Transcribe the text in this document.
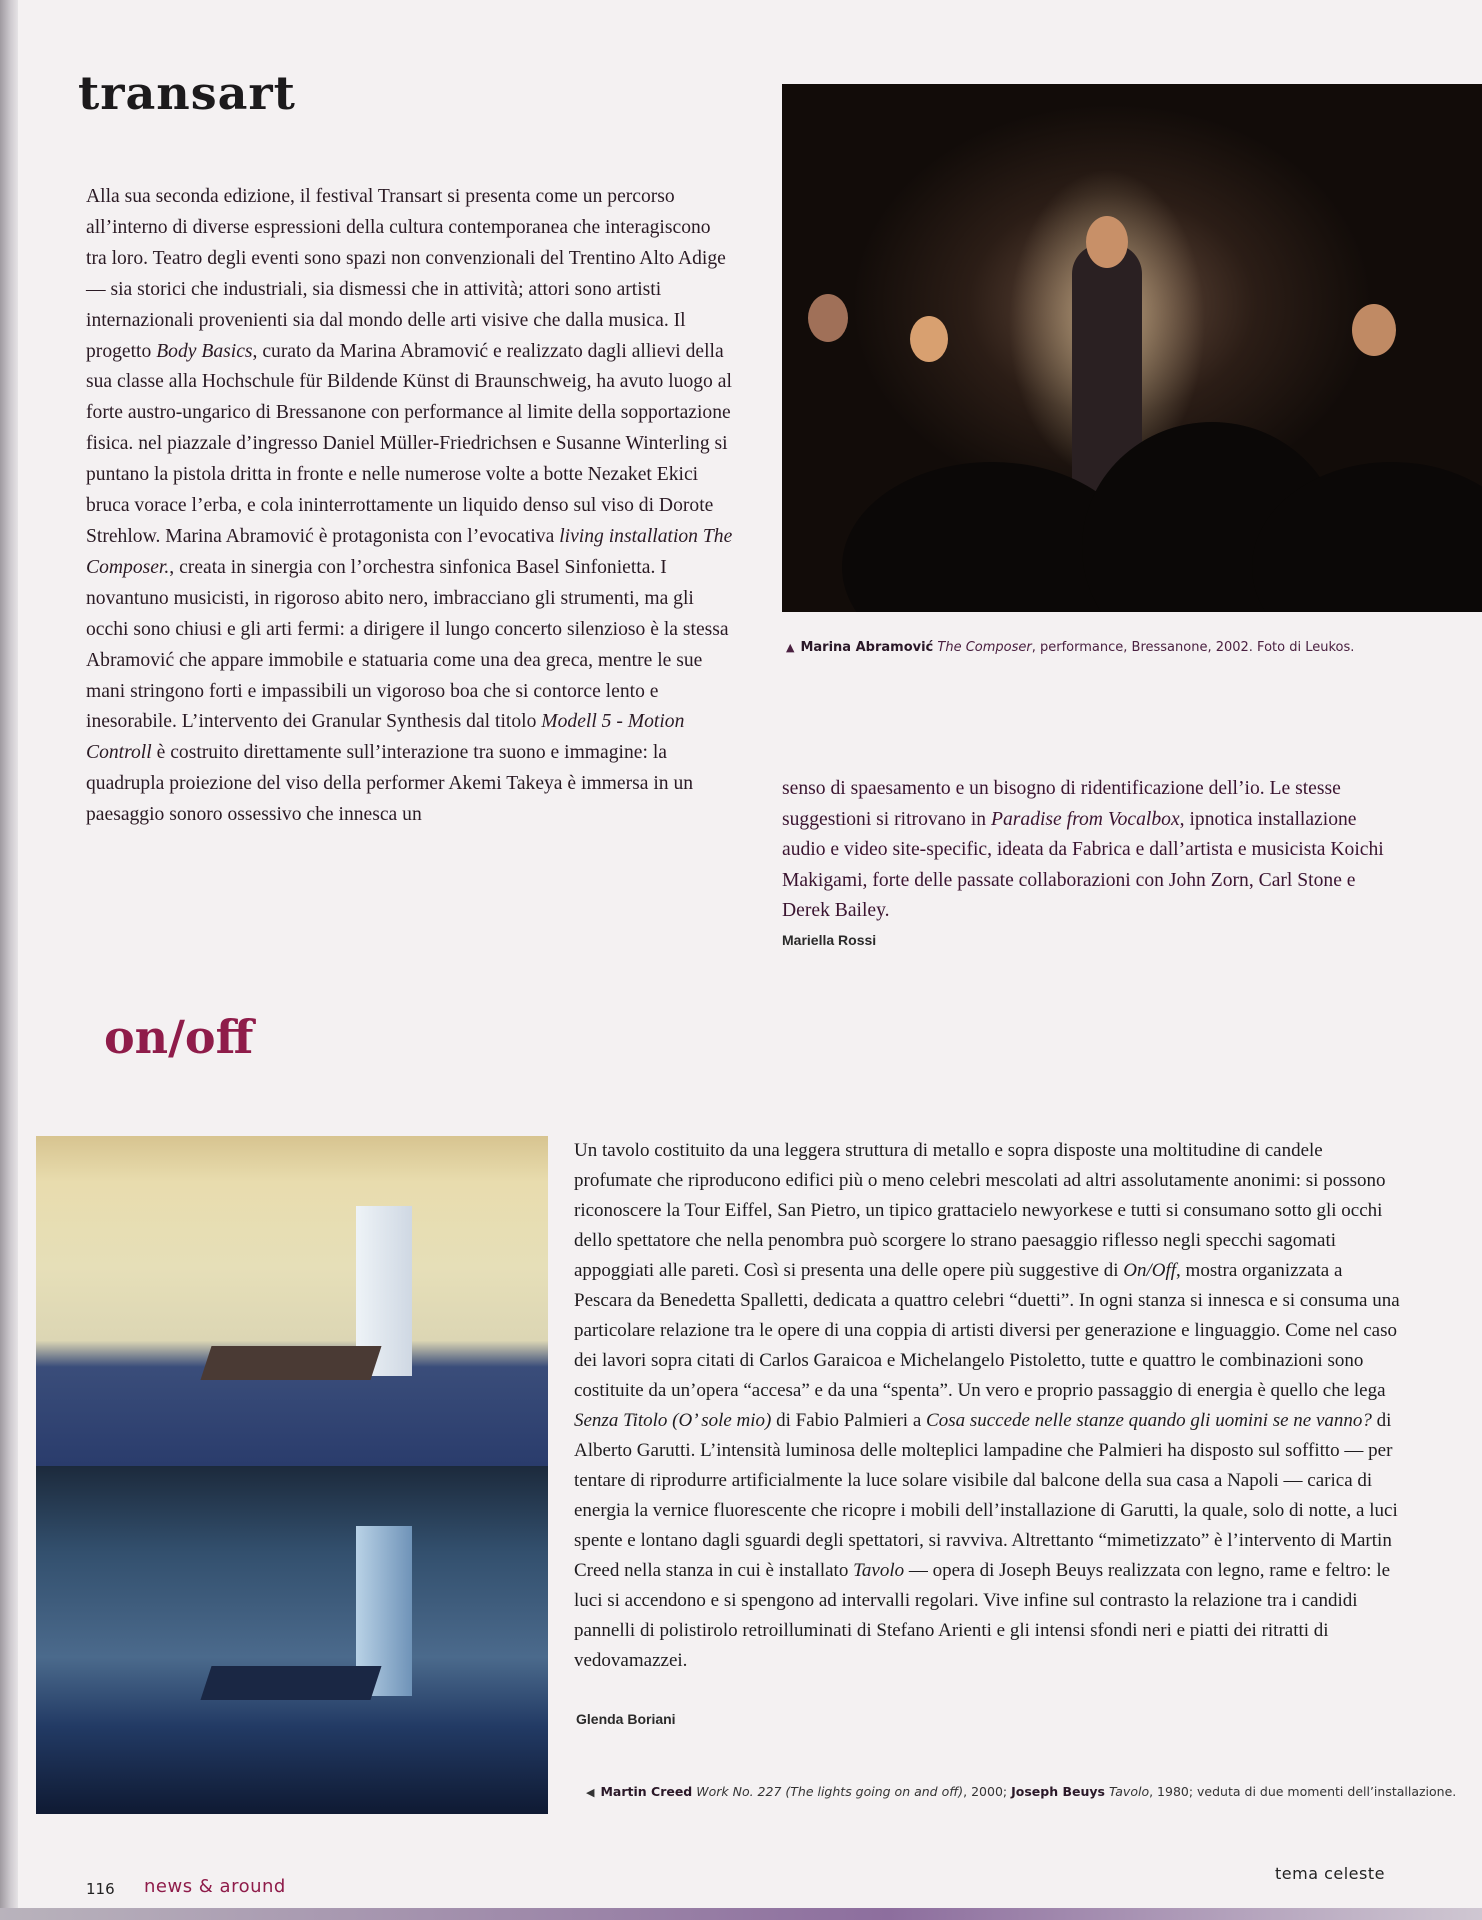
transart

Alla sua seconda edizione, il festival Transart si presenta come un percorso all’interno di diverse espressioni della cultura contemporanea che interagiscono tra loro. Teatro degli eventi sono spazi non convenzionali del Trentino Alto Adige — sia storici che industriali, sia dismessi che in attività; attori sono artisti internazionali provenienti sia dal mondo delle arti visive che dalla musica. Il progetto Body Basics, curato da Marina Abramović e realizzato dagli allievi della sua classe alla Hochschule für Bildende Künst di Braunschweig, ha avuto luogo al forte austro-ungarico di Bressanone con performance al limite della sopportazione fisica. nel piazzale d’ingresso Daniel Müller-Friedrichsen e Susanne Winterling si puntano la pistola dritta in fronte e nelle numerose volte a botte Nezaket Ekici bruca vorace l’erba, e cola ininterrottamente un liquido denso sul viso di Dorote Strehlow. Marina Abramović è protagonista con l’evocativa living installation The Composer., creata in sinergia con l’orchestra sinfonica Basel Sinfonietta. I novantuno musicisti, in rigoroso abito nero, imbracciano gli strumenti, ma gli occhi sono chiusi e gli arti fermi: a dirigere il lungo concerto silenzioso è la stessa Abramović che appare immobile e statuaria come una dea greca, mentre le sue mani stringono forti e impassibili un vigoroso boa che si contorce lento e inesorabile. L’intervento dei Granular Synthesis dal titolo Modell 5 - Motion Controll è costruito direttamente sull’interazione tra suono e immagine: la quadrupla proiezione del viso della performer Akemi Takeya è immersa in un paesaggio sonoro ossessivo che innesca un

▲ Marina Abramović The Composer, performance, Bressanone, 2002. Foto di Leukos.

senso di spaesamento e un bisogno di ridentificazione dell’io. Le stesse suggestioni si ritrovano in Paradise from Vocalbox, ipnotica installazione audio e video site-specific, ideata da Fabrica e dall’artista e musicista Koichi Makigami, forte delle passate collaborazioni con John Zorn, Carl Stone e Derek Bailey.

Mariella Rossi
on/off

Un tavolo costituito da una leggera struttura di metallo e sopra disposte una moltitudine di candele profumate che riproducono edifici più o meno celebri mescolati ad altri assolutamente anonimi: si possono riconoscere la Tour Eiffel, San Pietro, un tipico grattacielo newyorkese e tutti si consumano sotto gli occhi dello spettatore che nella penombra può scorgere lo strano paesaggio riflesso negli specchi sagomati appoggiati alle pareti. Così si presenta una delle opere più suggestive di On/Off, mostra organizzata a Pescara da Benedetta Spalletti, dedicata a quattro celebri “duetti”. In ogni stanza si innesca e si consuma una particolare relazione tra le opere di una coppia di artisti diversi per generazione e linguaggio. Come nel caso dei lavori sopra citati di Carlos Garaicoa e Michelangelo Pistoletto, tutte e quattro le combinazioni sono costituite da un’opera “accesa” e da una “spenta”. Un vero e proprio passaggio di energia è quello che lega Senza Titolo (O’ sole mio) di Fabio Palmieri a Cosa succede nelle stanze quando gli uomini se ne vanno? di Alberto Garutti. L’intensità luminosa delle molteplici lampadine che Palmieri ha disposto sul soffitto — per tentare di riprodurre artificialmente la luce solare visibile dal balcone della sua casa a Napoli — carica di energia la vernice fluorescente che ricopre i mobili dell’installazione di Garutti, la quale, solo di notte, a luci spente e lontano dagli sguardi degli spettatori, si ravviva. Altrettanto “mimetizzato” è l’intervento di Martin Creed nella stanza in cui è installato Tavolo — opera di Joseph Beuys realizzata con legno, rame e feltro: le luci si accendono e si spengono ad intervalli regolari. Vive infine sul contrasto la relazione tra i candidi pannelli di polistirolo retroilluminati di Stefano Arienti e gli intensi sfondi neri e piatti dei ritratti di vedovamazzei.

Glenda Boriani

◀ Martin Creed Work No. 227 (The lights going on and off), 2000; Joseph Beuys Tavolo, 1980; veduta di due momenti dell’installazione.

116 news & around
tema celeste
